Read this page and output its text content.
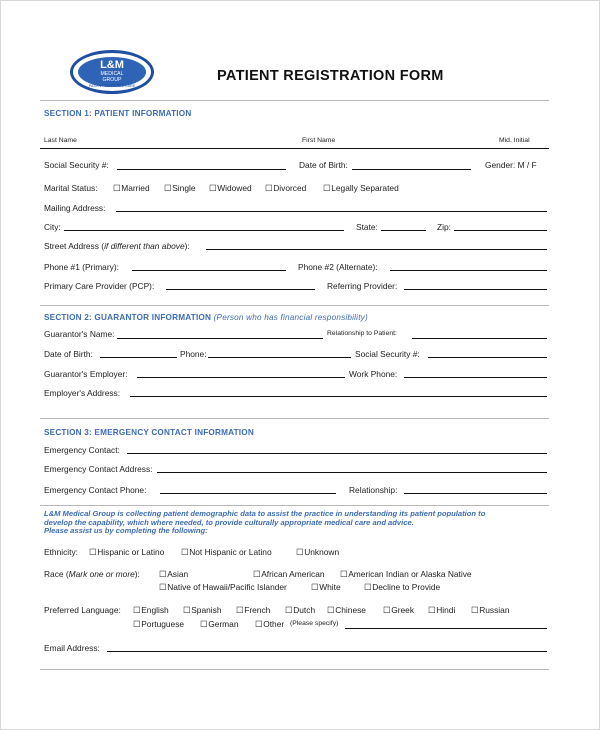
L&M
MEDICAL
GROUP
PATIENT CENTERED CARE
PATIENT REGISTRATION FORM
SECTION 1: PATIENT INFORMATION
Last Name	First Name	Mid. Initial
Social Security #:	Date of Birth:	Gender: M / F
Marital Status:	☐ Married	☐ Single	☐ Widowed	☐ Divorced	☐ Legally Separated
Mailing Address:
City:	State:	Zip:
Street Address (if different than above):
Phone #1 (Primary):	Phone #2 (Alternate):
Primary Care Provider (PCP):	Referring Provider:
SECTION 2: GUARANTOR INFORMATION (Person who has financial responsibility)
Guarantor's Name:	Relationship to Patient:
Date of Birth:	Phone:	Social Security #:
Guarantor's Employer:	Work Phone:
Employer's Address:
SECTION 3: EMERGENCY CONTACT INFORMATION
Emergency Contact:
Emergency Contact Address:
Emergency Contact Phone:	Relationship:
L&M Medical Group is collecting patient demographic data to assist the practice in understanding its patient population to
develop the capability, which where needed, to provide culturally appropriate medical care and advice.
Please assist us by completing the following:
Ethnicity:	☐ Hispanic or Latino	☐ Not Hispanic or Latino	☐ Unknown
Race (Mark one or more):	☐ Asian	☐ African American	☐ American Indian or Alaska Native
☐ Native of Hawaii/Pacific Islander	☐ White	☐ Decline to Provide
Preferred Language:	☐ English	☐ Spanish	☐ French	☐ Dutch	☐ Chinese	☐ Greek	☐ Hindi	☐ Russian
☐ Portuguese	☐ German	☐ Other (Please specify)
Email Address:
